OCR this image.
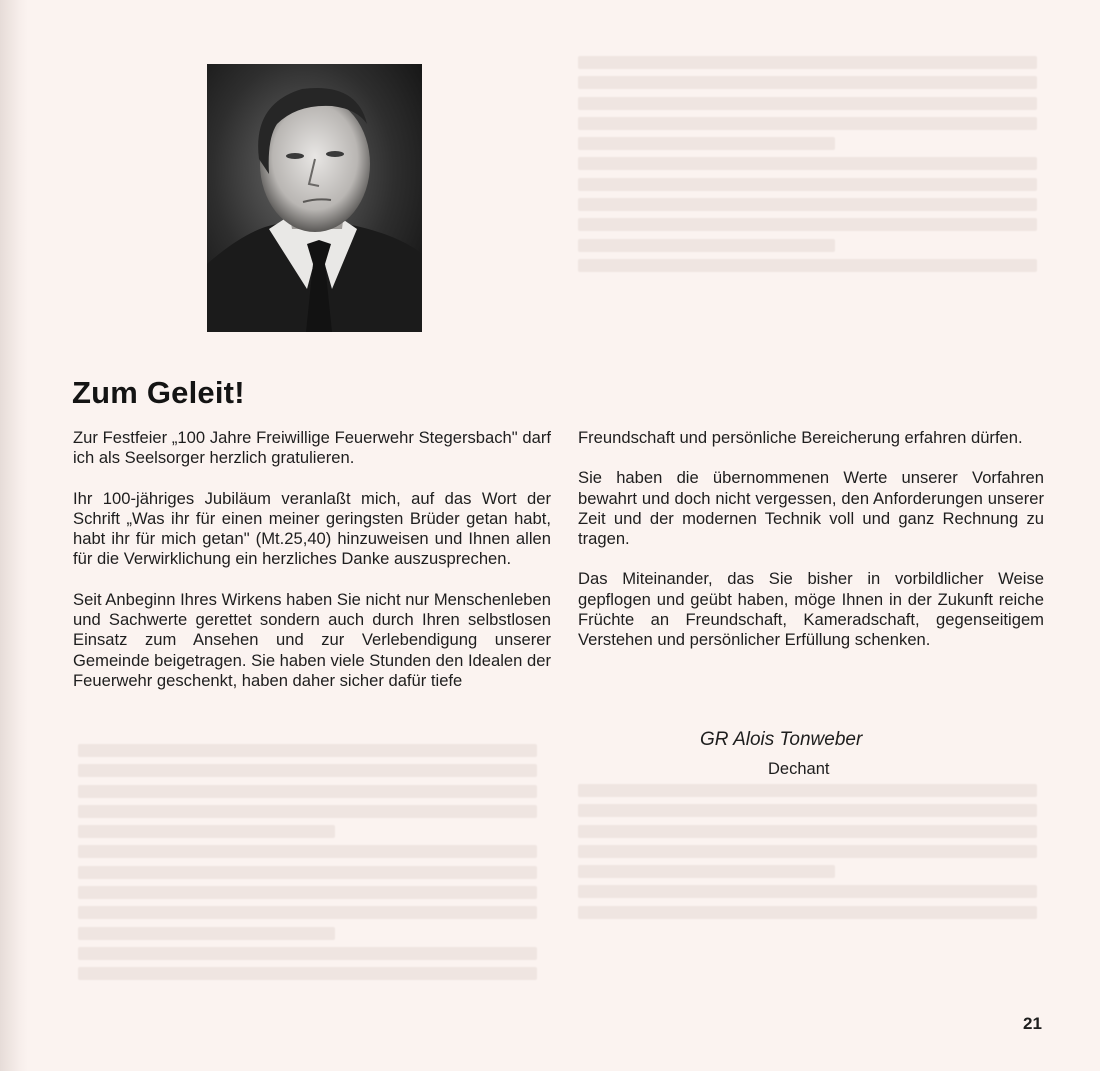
Zum Geleit!

Zur Festfeier „100 Jahre Freiwillige Feuerwehr Stegersbach" darf ich als Seelsorger herzlich gratulieren.

Ihr 100-jähriges Jubiläum veranlaßt mich, auf das Wort der Schrift „Was ihr für einen meiner geringsten Brüder getan habt, habt ihr für mich getan" (Mt.25,40) hinzuweisen und Ihnen allen für die Verwirklichung ein herzliches Danke auszusprechen.

Seit Anbeginn Ihres Wirkens haben Sie nicht nur Menschenleben und Sachwerte gerettet sondern auch durch Ihren selbstlosen Einsatz zum Ansehen und zur Verlebendigung unserer Gemeinde beigetragen. Sie haben viele Stunden den Idealen der Feuerwehr geschenkt, haben daher sicher dafür tiefe

Freundschaft und persönliche Bereicherung erfahren dürfen.

Sie haben die übernommenen Werte unserer Vorfahren bewahrt und doch nicht vergessen, den Anforderungen unserer Zeit und der modernen Technik voll und ganz Rechnung zu tragen.

Das Miteinander, das Sie bisher in vorbildlicher Weise gepflogen und geübt haben, möge Ihnen in der Zukunft reiche Früchte an Freundschaft, Kameradschaft, gegenseitigem Verstehen und persönlicher Erfüllung schenken.

GR Alois Tonweber
Dechant
21
